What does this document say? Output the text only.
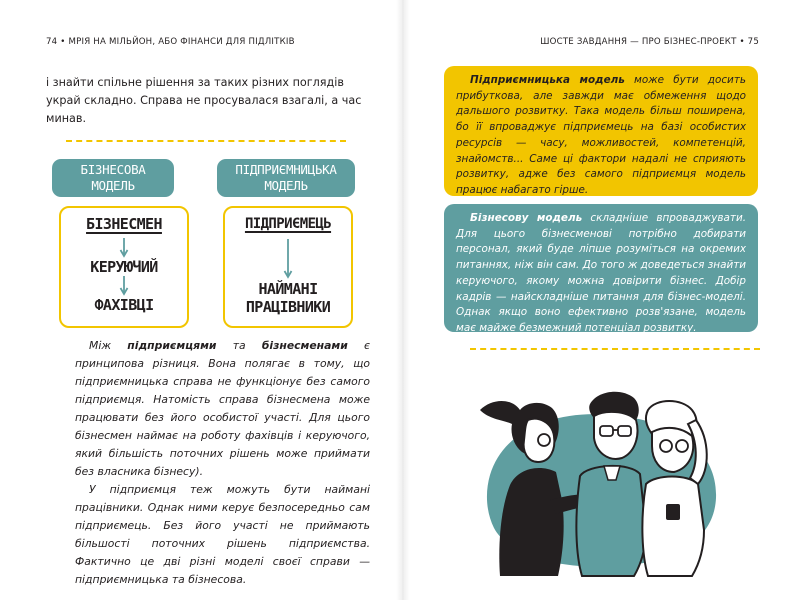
74 • МРІЯ НА МІЛЬЙОН, АБО ФІНАНСИ ДЛЯ ПІДЛІТКІВ
і знайти спільне рішення за таких різних поглядів украй складно. Справа не просувалася взагалі, а час минав.
БІЗНЕСОВА МОДЕЛЬ
ПІДПРИЄМНИЦЬКА МОДЕЛЬ
БІЗНЕСМЕН
КЕРУЮЧИЙ
ФАХІВЦІ
ПІДПРИЄМЕЦЬ
НАЙМАНІ
ПРАЦІВНИКИ

Між підприємцями та бізнесменами є принципова різниця. Вона полягає в тому, що підприємницька справа не функціонує без самого підприємця. Натомість справа бізнесмена може працювати без його особистої участі. Для цього бізнесмен наймає на роботу фахівців і керуючого, який більшість поточних рішень може приймати без власника бізнесу).

У підприємця теж можуть бути наймані працівники. Однак ними керує безпосередньо сам підприємець. Без його участі не приймають більшості поточних рішень підприємства. Фактично це дві різні моделі своєї справи — підприємницька та бізнесова.

ШОСТЕ ЗАВДАННЯ — ПРО БІЗНЕС-ПРОЕКТ • 75

Підприємницька модель може бути досить прибуткова, але завжди має обмеження щодо дальшого розвитку. Така модель більш поширена, бо її впроваджує підприємець на базі особистих ресурсів — часу, можливостей, компетенцій, знайомств... Саме ці фактори надалі не сприяють розвитку, адже без самого підприємця модель працює набагато гірше.

Бізнесову модель складніше впроваджувати. Для цього бізнесменові потрібно добирати персонал, який буде ліпше розуміться на окремих питаннях, ніж він сам. До того ж доведеться знайти керуючого, якому можна довірити бізнес. Добір кадрів — найскладніше питання для бізнес-моделі. Однак якщо воно ефективно розв'язане, модель має майже безмежний потенціал розвитку.
